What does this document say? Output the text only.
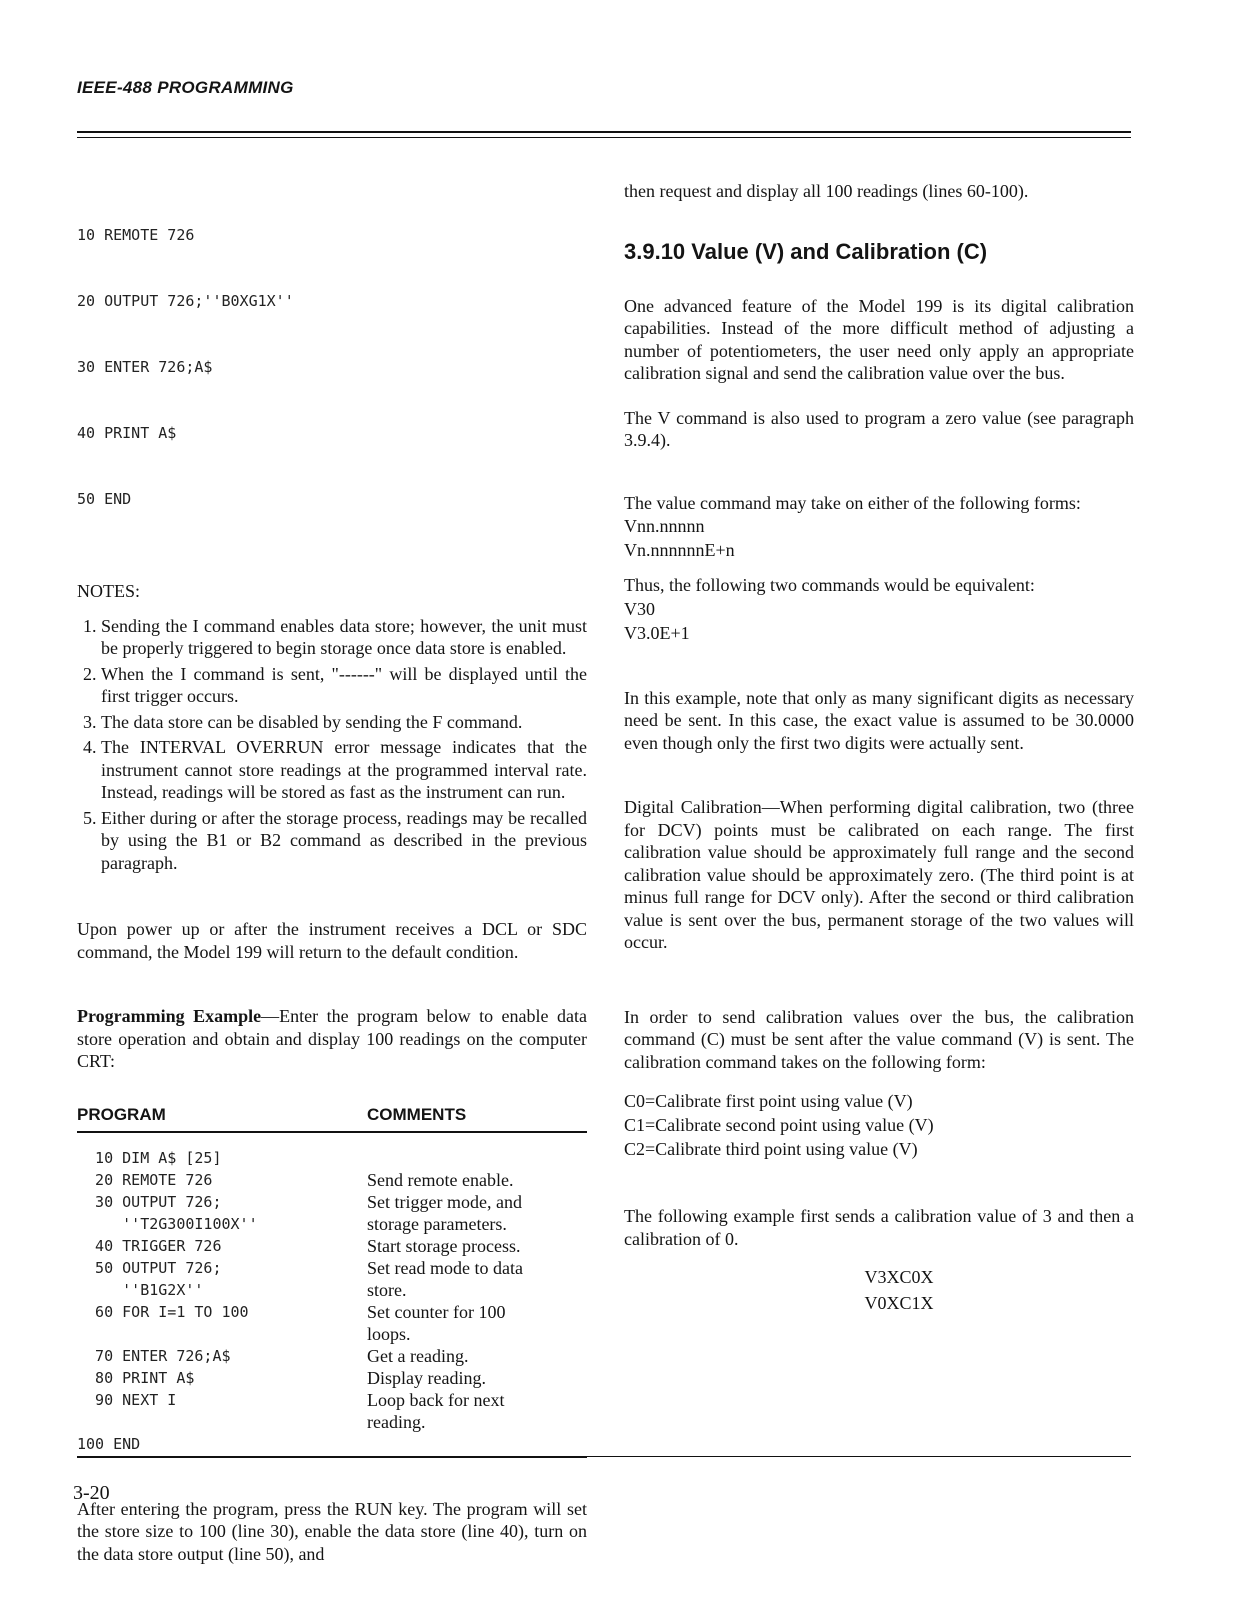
IEEE-488 PROGRAMMING

10 REMOTE 726

20 OUTPUT 726;''B0XG1X''

30 ENTER 726;A$

40 PRINT A$

50 END

NOTES:

1. Sending the I command enables data store; however, the unit must be properly triggered to begin storage once data store is enabled.
2. When the I command is sent, "------" will be displayed until the first trigger occurs.
3. The data store can be disabled by sending the F command.
4. The INTERVAL OVERRUN error message indicates that the instrument cannot store readings at the programmed interval rate. Instead, readings will be stored as fast as the instrument can run.
5. Either during or after the storage process, readings may be recalled by using the B1 or B2 command as described in the previous paragraph.

Upon power up or after the instrument receives a DCL or SDC command, the Model 199 will return to the default condition.

Programming Example—Enter the program below to enable data store operation and obtain and display 100 readings on the computer CRT:

PROGRAM	COMMENTS
10 DIM A$ [25]
20 REMOTE 726	Send remote enable.
30 OUTPUT 726;	Set trigger mode, and
''T2G300I100X''	storage parameters.
40 TRIGGER 726	Start storage process.
50 OUTPUT 726;	Set read mode to data
''B1G2X''	store.
60 FOR I=1 TO 100	Set counter for 100
loops.
70 ENTER 726;A$	Get a reading.
80 PRINT A$	Display reading.
90 NEXT I	Loop back for next
reading.
100 END

After entering the program, press the RUN key. The program will set the store size to 100 (line 30), enable the data store (line 40), turn on the data store output (line 50), and

then request and display all 100 readings (lines 60-100).

3.9.10 Value (V) and Calibration (C)

One advanced feature of the Model 199 is its digital calibration capabilities. Instead of the more difficult method of adjusting a number of potentiometers, the user need only apply an appropriate calibration signal and send the calibration value over the bus.

The V command is also used to program a zero value (see paragraph 3.9.4).

The value command may take on either of the following forms:

Vnn.nnnnn

Vn.nnnnnnE+n

Thus, the following two commands would be equivalent:

V30

V3.0E+1

In this example, note that only as many significant digits as necessary need be sent. In this case, the exact value is assumed to be 30.0000 even though only the first two digits were actually sent.

Digital Calibration—When performing digital calibration, two (three for DCV) points must be calibrated on each range. The first calibration value should be approximately full range and the second calibration value should be approximately zero. (The third point is at minus full range for DCV only). After the second or third calibration value is sent over the bus, permanent storage of the two values will occur.

In order to send calibration values over the bus, the calibration command (C) must be sent after the value command (V) is sent. The calibration command takes on the following form:

C0=Calibrate first point using value (V)

C1=Calibrate second point using value (V)

C2=Calibrate third point using value (V)

The following example first sends a calibration value of 3 and then a calibration of 0.

V3XC0X

V0XC1X

3-20
